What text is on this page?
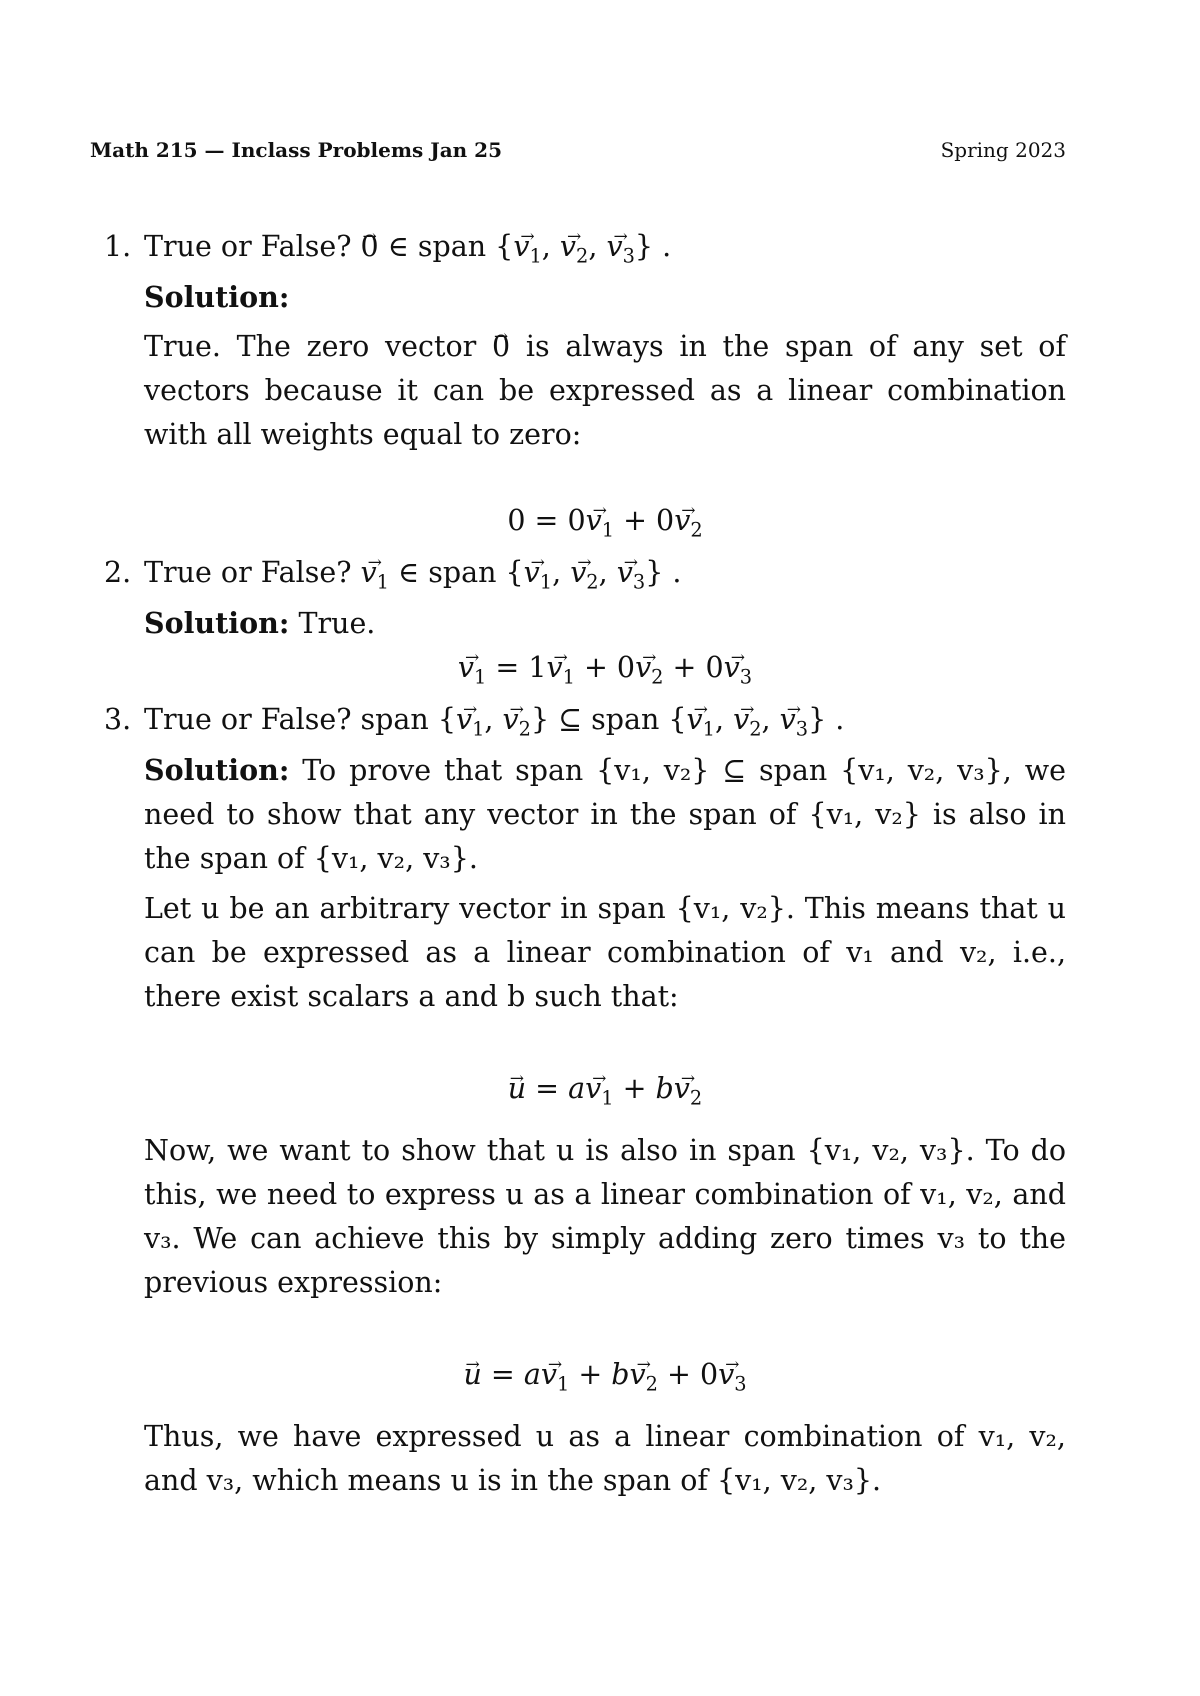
Math 215 — Inclass Problems Jan 25	Spring 2023
1. True or False? → 0 ∈ span {→ $v_1$, → $v_2$, → $v_3$} .
Solution:

True. The zero vector → 0 is always in the span of any set of vectors because it can be expressed as a linear combination with all weights equal to zero:

$0 = 0\to v_1 + 0\to v_2$
2. True or False? → $v_1$ ∈ span {→ $v_1$, → $v_2$, → $v_3$} .
Solution: True.
→ $v_1 = 1\to v_1 + 0\to v_2 + 0\to v_3$
3. True or False? span {→ $v_1$, → $v_2$} ⊆ span {→ $v_1$, → $v_2$, → $v_3$} .

Solution: To prove that span {v₁, v₂} ⊆ span {v₁, v₂, v₃}, we need to show that any vector in the span of {v₁, v₂} is also in the span of {v₁, v₂, v₃}.

Let u be an arbitrary vector in span {v₁, v₂}. This means that u can be expressed as a linear combination of v₁ and v₂, i.e., there exist scalars a and b such that:

→ $u = a\to v_1 + b\to v_2$

Now, we want to show that u is also in span {v₁, v₂, v₃}. To do this, we need to express u as a linear combination of v₁, v₂, and v₃. We can achieve this by simply adding zero times v₃ to the previous expression:

→ $u = a\to v_1 + b\to v_2 + 0\to v_3$

Thus, we have expressed u as a linear combination of v₁, v₂, and v₃, which means u is in the span of {v₁, v₂, v₃}.
